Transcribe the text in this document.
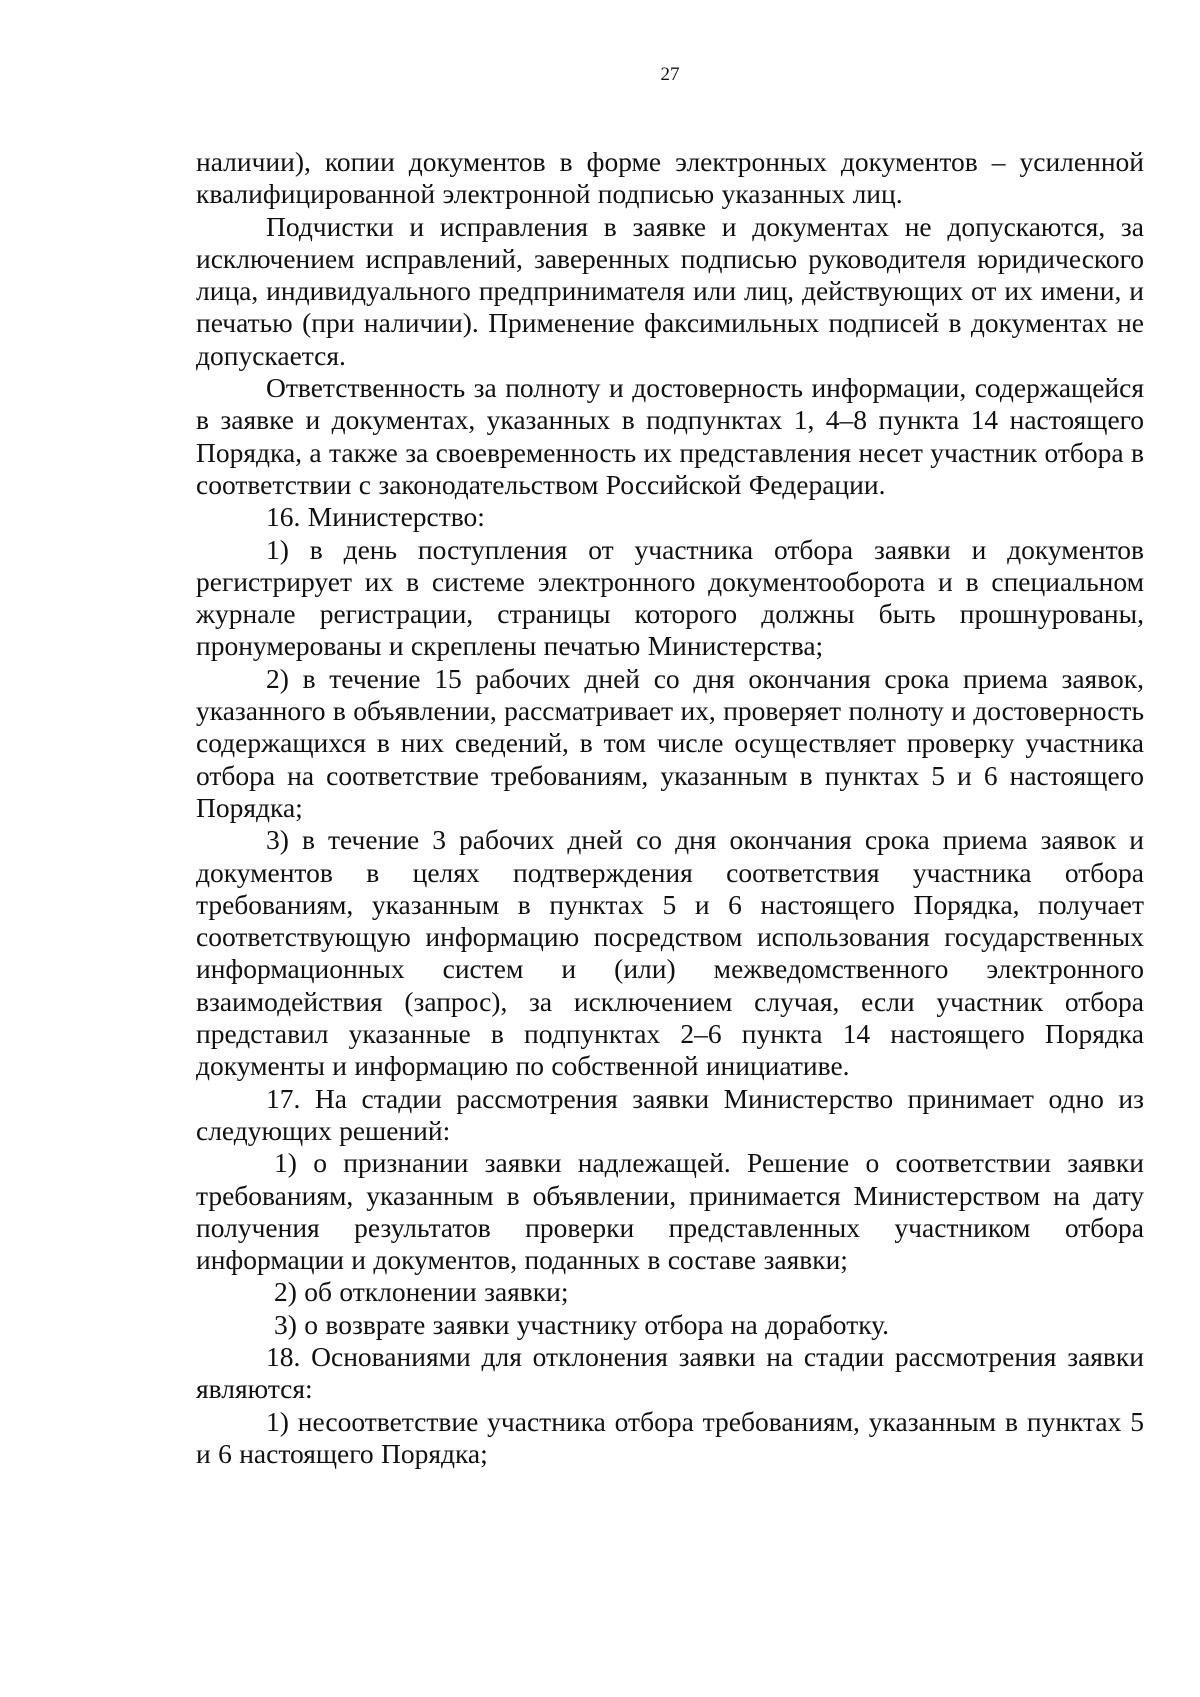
27

наличии), копии документов в форме электронных документов – усиленной квалифицированной электронной подписью указанных лиц.

Подчистки и исправления в заявке и документах не допускаются, за исключением исправлений, заверенных подписью руководителя юридического лица, индивидуального предпринимателя или лиц, действующих от их имени, и печатью (при наличии). Применение факсимильных подписей в документах не допускается.

Ответственность за полноту и достоверность информации, содержащейся в заявке и документах, указанных в подпунктах 1, 4–8 пункта 14 настоящего Порядка, а также за своевременность их представления несет участник отбора в соответствии с законодательством Российской Федерации.

16. Министерство:

1) в день поступления от участника отбора заявки и документов регистрирует их в системе электронного документооборота и в специальном журнале регистрации, страницы которого должны быть прошнурованы, пронумерованы и скреплены печатью Министерства;

2) в течение 15 рабочих дней со дня окончания срока приема заявок, указанного в объявлении, рассматривает их, проверяет полноту и достоверность содержащихся в них сведений, в том числе осуществляет проверку участника отбора на соответствие требованиям, указанным в пунктах 5 и 6 настоящего Порядка;

3) в течение 3 рабочих дней со дня окончания срока приема заявок и документов в целях подтверждения соответствия участника отбора требованиям, указанным в пунктах 5 и 6 настоящего Порядка, получает соответствующую информацию посредством использования государственных информационных систем и (или) межведомственного электронного взаимодействия (запрос), за исключением случая, если участник отбора представил указанные в подпунктах 2–6 пункта 14 настоящего Порядка документы и информацию по собственной инициативе.

17. На стадии рассмотрения заявки Министерство принимает одно из следующих решений:

1) о признании заявки надлежащей. Решение о соответствии заявки требованиям, указанным в объявлении, принимается Министерством на дату получения результатов проверки представленных участником отбора информации и документов, поданных в составе заявки;

2) об отклонении заявки;

3) о возврате заявки участнику отбора на доработку.

18. Основаниями для отклонения заявки на стадии рассмотрения заявки являются:

1) несоответствие участника отбора требованиям, указанным в пунктах 5 и 6 настоящего Порядка;
